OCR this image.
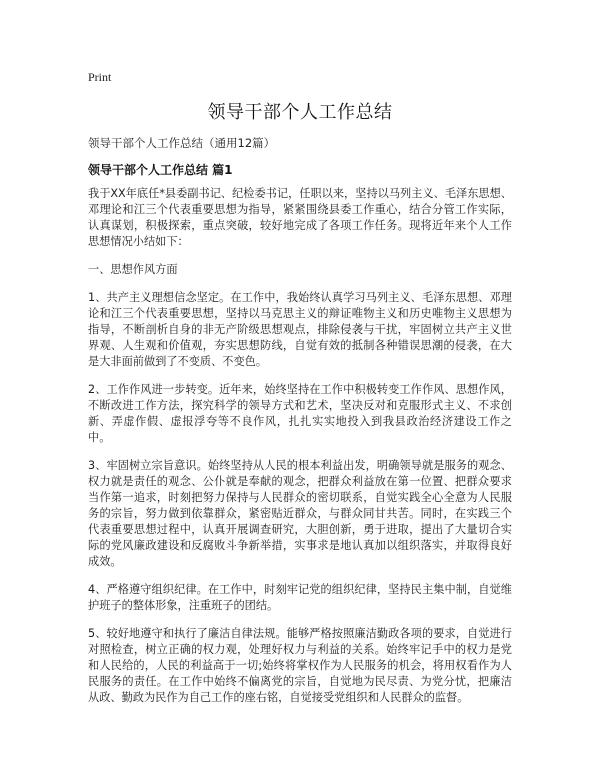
Print
领导干部个人工作总结
领导干部个人工作总结（通用12篇）
领导干部个人工作总结 篇1

我于XX年底任*县委副书记、纪检委书记，任职以来，坚持以马列主义、毛泽东思想、邓理论和江三个代表重要思想为指导，紧紧围绕县委工作重心，结合分管工作实际，认真谋划，积极探索，重点突破，较好地完成了各项工作任务。现将近年来个人工作思想情况小结如下：

一、思想作风方面

1、共产主义理想信念坚定。在工作中，我始终认真学习马列主义、毛泽东思想、邓理论和江三个代表重要思想，坚持以马克思主义的辩证唯物主义和历史唯物主义思想为指导，不断剖析自身的非无产阶级思想观点，排除侵袭与干扰，牢固树立共产主义世界观、人生观和价值观，夯实思想防线，自觉有效的抵制各种错误思潮的侵袭，在大是大非面前做到了不变质、不变色。

2、工作作风进一步转变。近年来，始终坚持在工作中积极转变工作作风、思想作风，不断改进工作方法，探究科学的领导方式和艺术，坚决反对和克服形式主义、不求创新、弄虚作假、虚报浮夸等不良作风，扎扎实实地投入到我县政治经济建设工作之中。

3、牢固树立宗旨意识。始终坚持从人民的根本利益出发，明确领导就是服务的观念、权力就是责任的观念、公仆就是奉献的观念，把群众利益放在第一位置、把群众要求当作第一追求，时刻把努力保持与人民群众的密切联系，自觉实践全心全意为人民服务的宗旨，努力做到依靠群众，紧密贴近群众，与群众同甘共苦。同时，在实践三个代表重要思想过程中，认真开展调查研究，大胆创新，勇于进取，提出了大量切合实际的党风廉政建设和反腐败斗争新举措，实事求是地认真加以组织落实，并取得良好成效。

4、严格遵守组织纪律。在工作中，时刻牢记党的组织纪律，坚持民主集中制，自觉维护班子的整体形象，注重班子的团结。

5、较好地遵守和执行了廉洁自律法规。能够严格按照廉洁勤政各项的要求，自觉进行对照检查，树立正确的权力观，处理好权力与利益的关系。始终牢记手中的权力是党和人民给的，人民的利益高于一切;始终将掌权作为人民服务的机会，将用权看作为人民服务的责任。在工作中始终不偏离党的宗旨，自觉地为民尽责、为党分忧，把廉洁从政、勤政为民作为自己工作的座右铭，自觉接受党组织和人民群众的监督。
